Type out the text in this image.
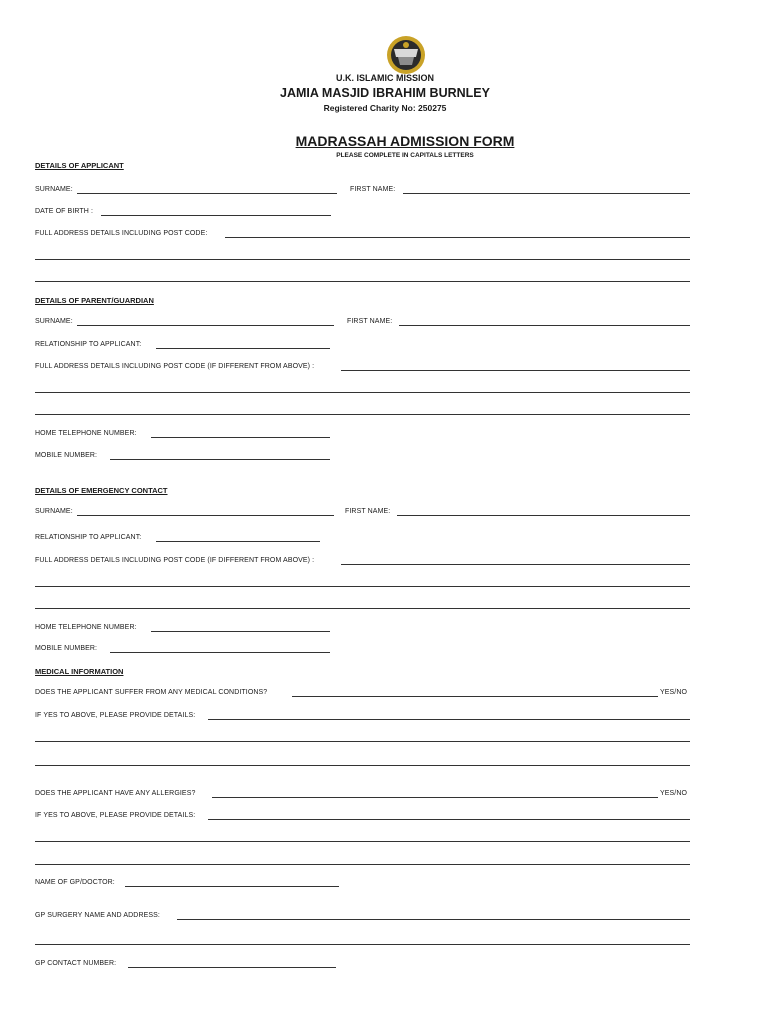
U.K. ISLAMIC MISSION
JAMIA MASJID IBRAHIM BURNLEY
Registered Charity No: 250275
MADRASSAH ADMISSION FORM
PLEASE COMPLETE IN CAPITALS LETTERS
DETAILS OF APPLICANT
SURNAME:	FIRST NAME:
DATE OF BIRTH :
FULL ADDRESS DETAILS INCLUDING POST CODE:
DETAILS OF PARENT/GUARDIAN
SURNAME:	FIRST NAME:
RELATIONSHIP TO APPLICANT:
FULL ADDRESS DETAILS INCLUDING POST CODE (IF DIFFERENT FROM ABOVE) :
HOME TELEPHONE NUMBER:
MOBILE NUMBER:
DETAILS OF EMERGENCY CONTACT
SURNAME:	FIRST NAME:
RELATIONSHIP TO APPLICANT:
FULL ADDRESS DETAILS INCLUDING POST CODE (IF DIFFERENT FROM ABOVE) :
HOME TELEPHONE NUMBER:
MOBILE NUMBER:
MEDICAL INFORMATION
DOES THE APPLICANT SUFFER FROM ANY MEDICAL CONDITIONS?	YES/NO
IF YES TO ABOVE, PLEASE PROVIDE DETAILS:
DOES THE APPLICANT HAVE ANY ALLERGIES?	YES/NO
IF YES TO ABOVE, PLEASE PROVIDE DETAILS:
NAME OF GP/DOCTOR:
GP SURGERY NAME AND ADDRESS:
GP CONTACT NUMBER:
